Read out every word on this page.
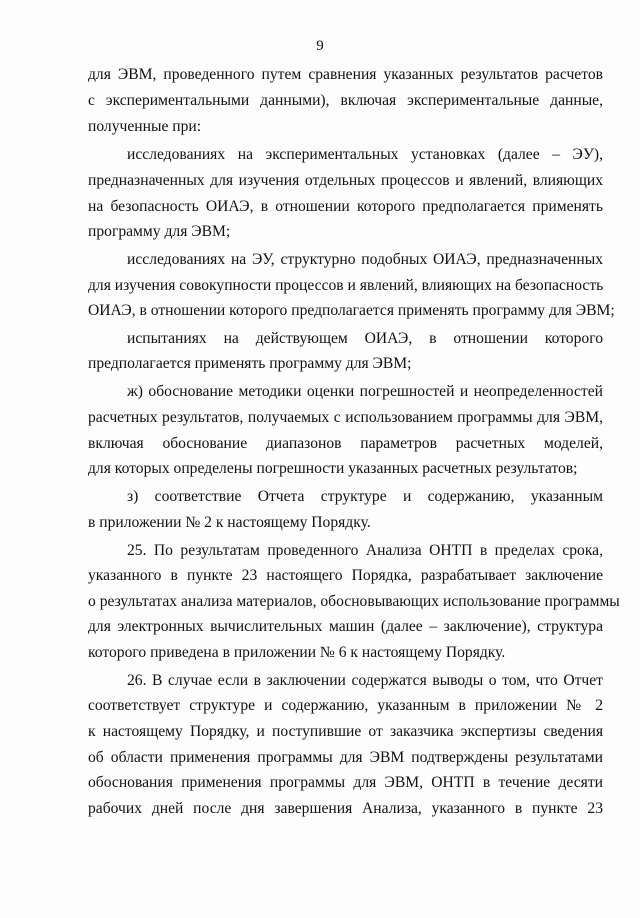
9
для ЭВМ, проведенного путем сравнения указанных результатов расчетов
с экспериментальными данными), включая экспериментальные данные,
полученные при:
исследованиях на экспериментальных установках (далее – ЭУ),
предназначенных для изучения отдельных процессов и явлений, влияющих
на безопасность ОИАЭ, в отношении которого предполагается применять
программу для ЭВМ;
исследованиях на ЭУ, структурно подобных ОИАЭ, предназначенных
для изучения совокупности процессов и явлений, влияющих на безопасность
ОИАЭ, в отношении которого предполагается применять программу для ЭВМ;
испытаниях на действующем ОИАЭ, в отношении которого
предполагается применять программу для ЭВМ;
ж) обоснование методики оценки погрешностей и неопределенностей
расчетных результатов, получаемых с использованием программы для ЭВМ,
включая обоснование диапазонов параметров расчетных моделей,
для которых определены погрешности указанных расчетных результатов;
з) соответствие Отчета структуре и содержанию, указанным
в приложении № 2 к настоящему Порядку.
25. По результатам проведенного Анализа ОНТП в пределах срока,
указанного в пункте 23 настоящего Порядка, разрабатывает заключение
о результатах анализа материалов, обосновывающих использование программы
для электронных вычислительных машин (далее – заключение), структура
которого приведена в приложении № 6 к настоящему Порядку.
26. В случае если в заключении содержатся выводы о том, что Отчет
соответствует структуре и содержанию, указанным в приложении № 2
к настоящему Порядку, и поступившие от заказчика экспертизы сведения
об области применения программы для ЭВМ подтверждены результатами
обоснования применения программы для ЭВМ, ОНТП в течение десяти
рабочих дней после дня завершения Анализа, указанного в пункте 23
